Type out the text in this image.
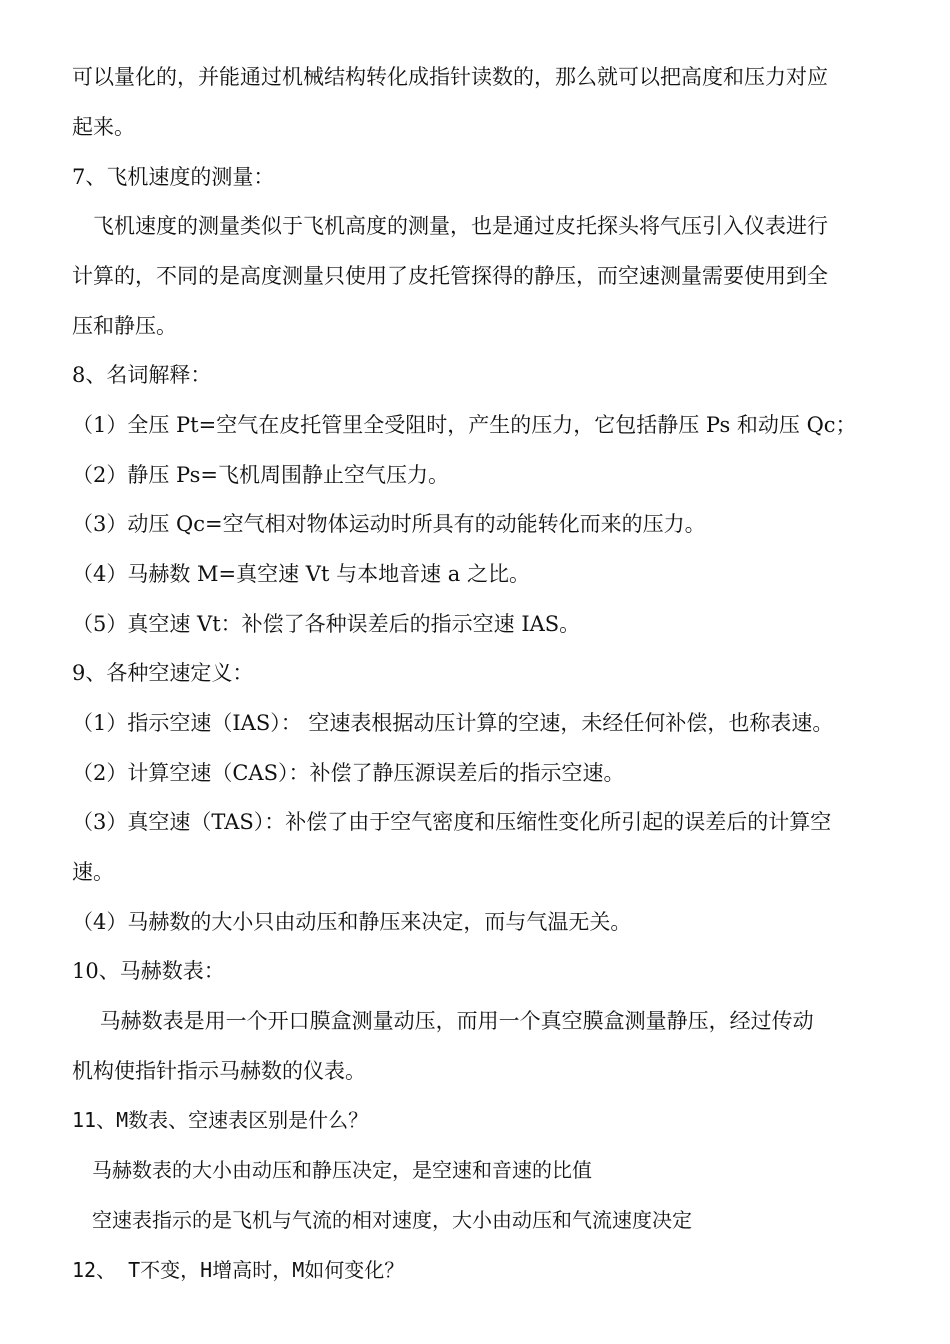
可以量化的，并能通过机械结构转化成指针读数的，那么就可以把高度和压力对应
起来。
7、飞机速度的测量：
　飞机速度的测量类似于飞机高度的测量，也是通过皮托探头将气压引入仪表进行
计算的，不同的是高度测量只使用了皮托管探得的静压，而空速测量需要使用到全
压和静压。
8、名词解释：
（1）全压 Pt=空气在皮托管里全受阻时，产生的压力，它包括静压 Ps 和动压 Qc；
（2）静压 Ps=飞机周围静止空气压力。
（3）动压 Qc=空气相对物体运动时所具有的动能转化而来的压力。
（4）马赫数 M=真空速 Vt 与本地音速 a 之比。
（5）真空速 Vt：补偿了各种误差后的指示空速 IAS。
9、各种空速定义：
（1）指示空速（IAS）： 空速表根据动压计算的空速，未经任何补偿，也称表速。
（2）计算空速（CAS）：补偿了静压源误差后的指示空速。
（3）真空速（TAS）：补偿了由于空气密度和压缩性变化所引起的误差后的计算空
速。
（4）马赫数的大小只由动压和静压来决定，而与气温无关。
10、马赫数表：
　 马赫数表是用一个开口膜盒测量动压，而用一个真空膜盒测量静压，经过传动
机构使指针指示马赫数的仪表。
11、M数表、空速表区别是什么？
　马赫数表的大小由动压和静压决定，是空速和音速的比值
　空速表指示的是飞机与气流的相对速度，大小由动压和气流速度决定
12、 T不变，H增高时，M如何变化？
